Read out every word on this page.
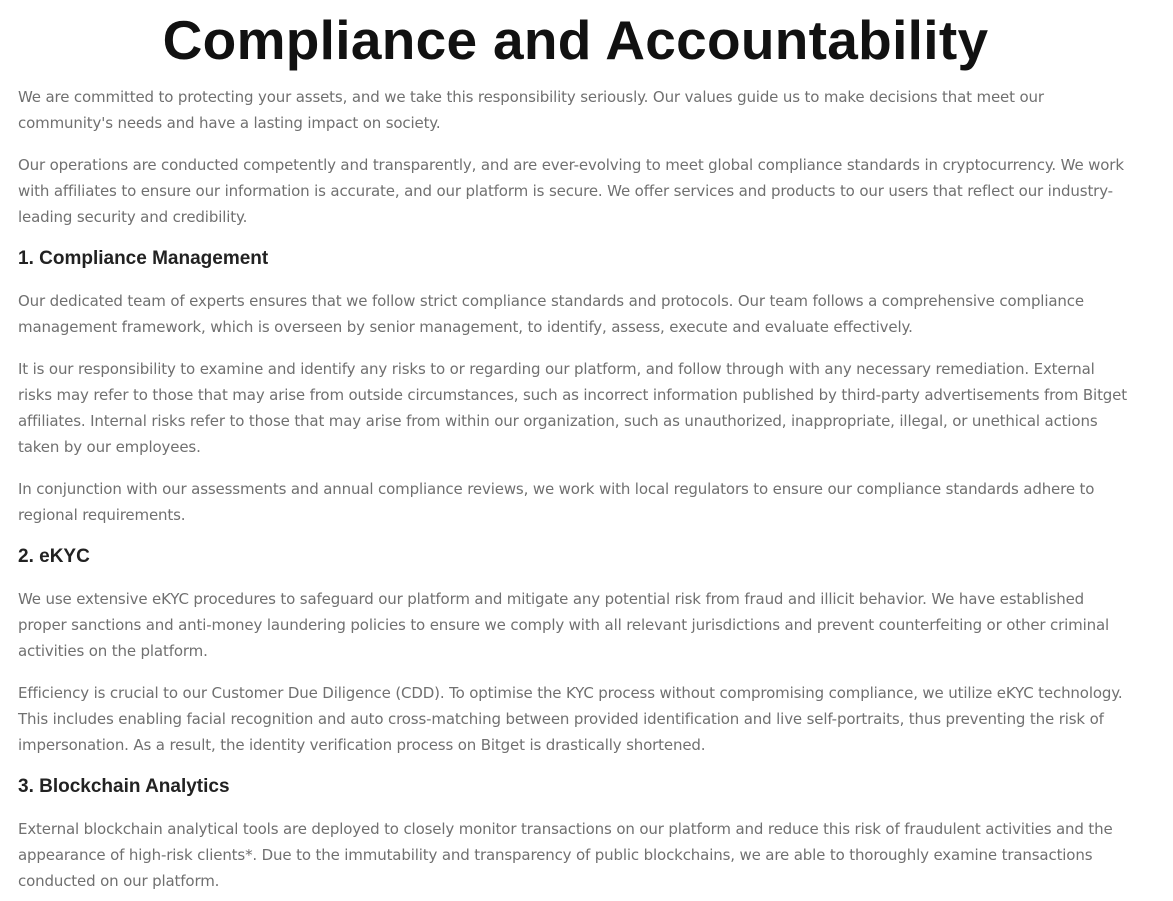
Compliance and Accountability

We are committed to protecting your assets, and we take this responsibility seriously. Our values guide us to make decisions that meet our community's needs and have a lasting impact on society.

Our operations are conducted competently and transparently, and are ever-evolving to meet global compliance standards in cryptocurrency. We work with affiliates to ensure our information is accurate, and our platform is secure. We offer services and products to our users that reflect our industry-leading security and credibility.

1. Compliance Management

Our dedicated team of experts ensures that we follow strict compliance standards and protocols. Our team follows a comprehensive compliance management framework, which is overseen by senior management, to identify, assess, execute and evaluate effectively.

It is our responsibility to examine and identify any risks to or regarding our platform, and follow through with any necessary remediation. External risks may refer to those that may arise from outside circumstances, such as incorrect information published by third-party advertisements from Bitget affiliates. Internal risks refer to those that may arise from within our organization, such as unauthorized, inappropriate, illegal, or unethical actions taken by our employees.

In conjunction with our assessments and annual compliance reviews, we work with local regulators to ensure our compliance standards adhere to regional requirements.

2. eKYC

We use extensive eKYC procedures to safeguard our platform and mitigate any potential risk from fraud and illicit behavior. We have established proper sanctions and anti-money laundering policies to ensure we comply with all relevant jurisdictions and prevent counterfeiting or other criminal activities on the platform.

Efficiency is crucial to our Customer Due Diligence (CDD). To optimise the KYC process without compromising compliance, we utilize eKYC technology. This includes enabling facial recognition and auto cross-matching between provided identification and live self-portraits, thus preventing the risk of impersonation. As a result, the identity verification process on Bitget is drastically shortened.

3. Blockchain Analytics

External blockchain analytical tools are deployed to closely monitor transactions on our platform and reduce this risk of fraudulent activities and the appearance of high-risk clients*. Due to the immutability and transparency of public blockchains, we are able to thoroughly examine transactions conducted on our platform.
